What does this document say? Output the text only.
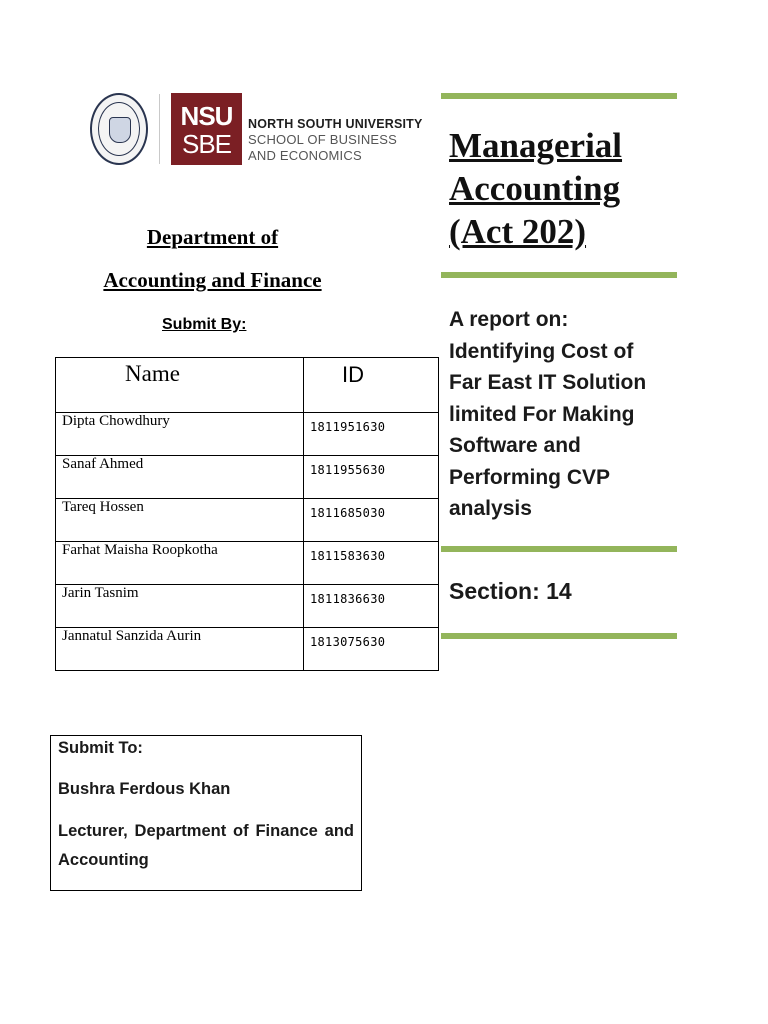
NSU
SBE
NORTH SOUTH UNIVERSITY
SCHOOL OF BUSINESS
AND ECONOMICS
Department of
Accounting and Finance
Submit By:
Name	ID
Dipta Chowdhury	1811951630
Sanaf Ahmed	1811955630
Tareq Hossen	1811685030
Farhat Maisha Roopkotha	1811583630
Jarin Tasnim	1811836630
Jannatul Sanzida Aurin	1813075630
Submit To:
Bushra Ferdous Khan
Lecturer, Department of Finance and Accounting
Managerial
Accounting
(Act 202)
A report on:
Identifying Cost of
Far East IT Solution
limited For Making
Software and
Performing CVP
analysis
Section: 14
